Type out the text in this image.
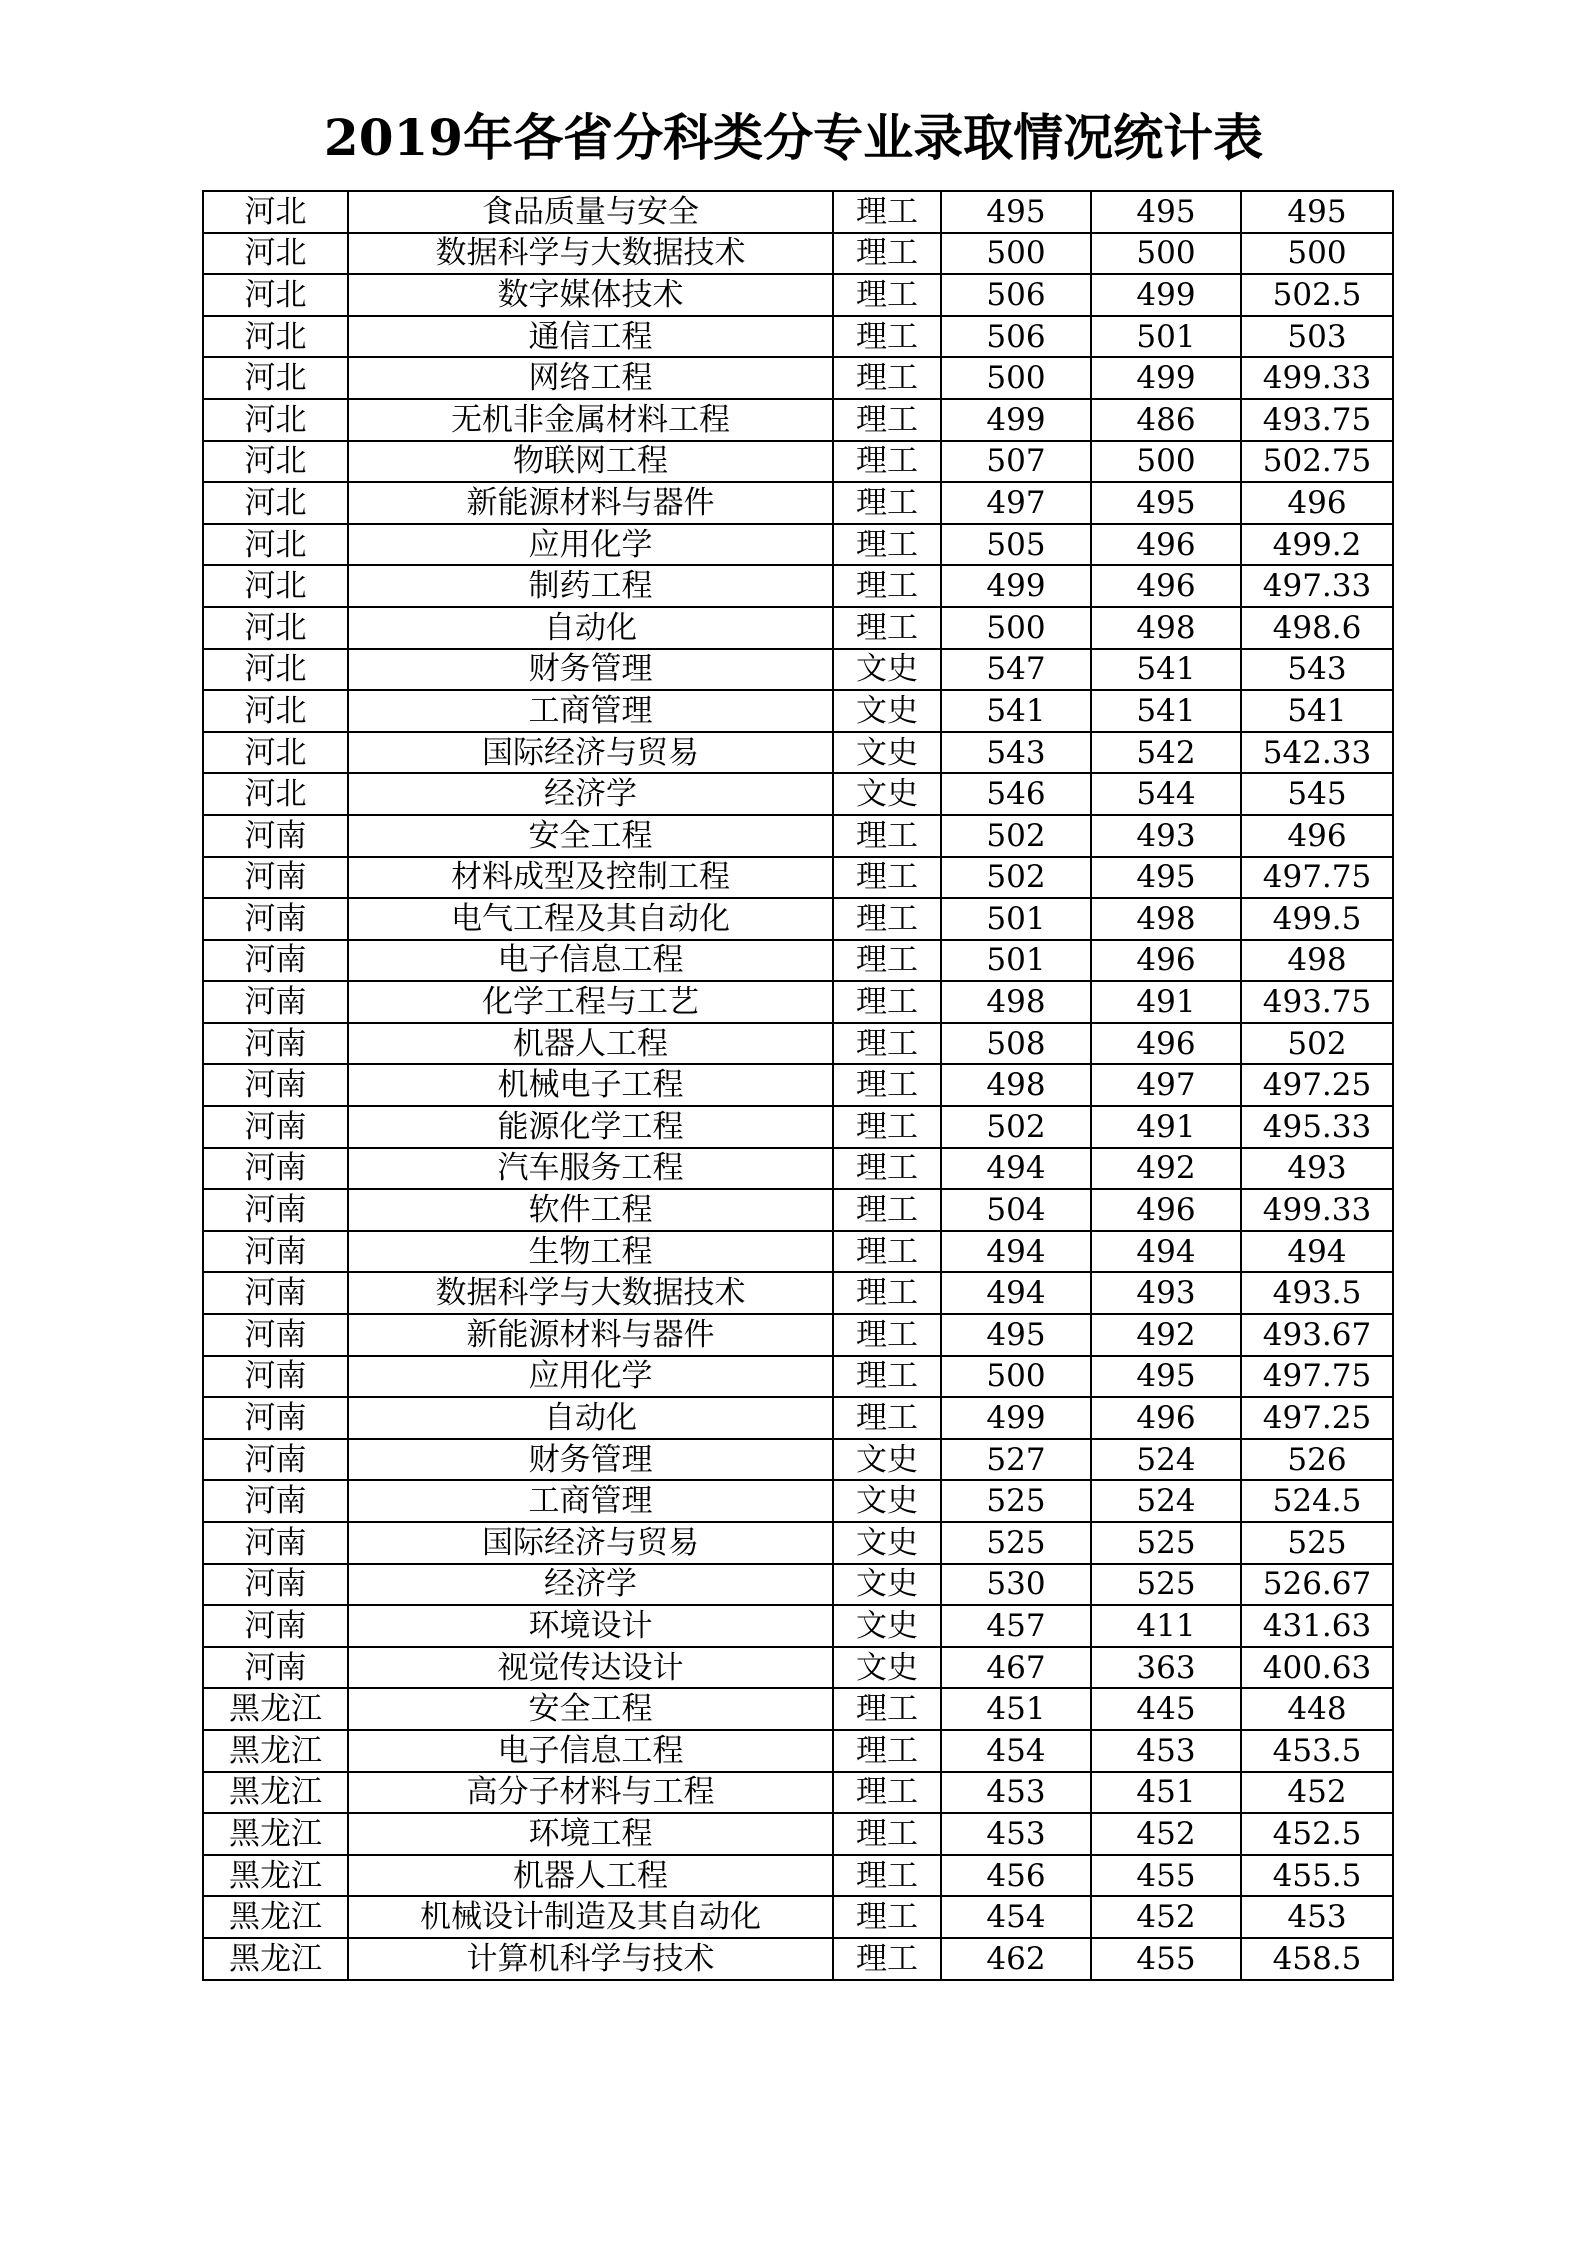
2019年各省分科类分专业录取情况统计表
河北	食品质量与安全	理工	495	495	495
河北	数据科学与大数据技术	理工	500	500	500
河北	数字媒体技术	理工	506	499	502.5
河北	通信工程	理工	506	501	503
河北	网络工程	理工	500	499	499.33
河北	无机非金属材料工程	理工	499	486	493.75
河北	物联网工程	理工	507	500	502.75
河北	新能源材料与器件	理工	497	495	496
河北	应用化学	理工	505	496	499.2
河北	制药工程	理工	499	496	497.33
河北	自动化	理工	500	498	498.6
河北	财务管理	文史	547	541	543
河北	工商管理	文史	541	541	541
河北	国际经济与贸易	文史	543	542	542.33
河北	经济学	文史	546	544	545
河南	安全工程	理工	502	493	496
河南	材料成型及控制工程	理工	502	495	497.75
河南	电气工程及其自动化	理工	501	498	499.5
河南	电子信息工程	理工	501	496	498
河南	化学工程与工艺	理工	498	491	493.75
河南	机器人工程	理工	508	496	502
河南	机械电子工程	理工	498	497	497.25
河南	能源化学工程	理工	502	491	495.33
河南	汽车服务工程	理工	494	492	493
河南	软件工程	理工	504	496	499.33
河南	生物工程	理工	494	494	494
河南	数据科学与大数据技术	理工	494	493	493.5
河南	新能源材料与器件	理工	495	492	493.67
河南	应用化学	理工	500	495	497.75
河南	自动化	理工	499	496	497.25
河南	财务管理	文史	527	524	526
河南	工商管理	文史	525	524	524.5
河南	国际经济与贸易	文史	525	525	525
河南	经济学	文史	530	525	526.67
河南	环境设计	文史	457	411	431.63
河南	视觉传达设计	文史	467	363	400.63
黑龙江	安全工程	理工	451	445	448
黑龙江	电子信息工程	理工	454	453	453.5
黑龙江	高分子材料与工程	理工	453	451	452
黑龙江	环境工程	理工	453	452	452.5
黑龙江	机器人工程	理工	456	455	455.5
黑龙江	机械设计制造及其自动化	理工	454	452	453
黑龙江	计算机科学与技术	理工	462	455	458.5
